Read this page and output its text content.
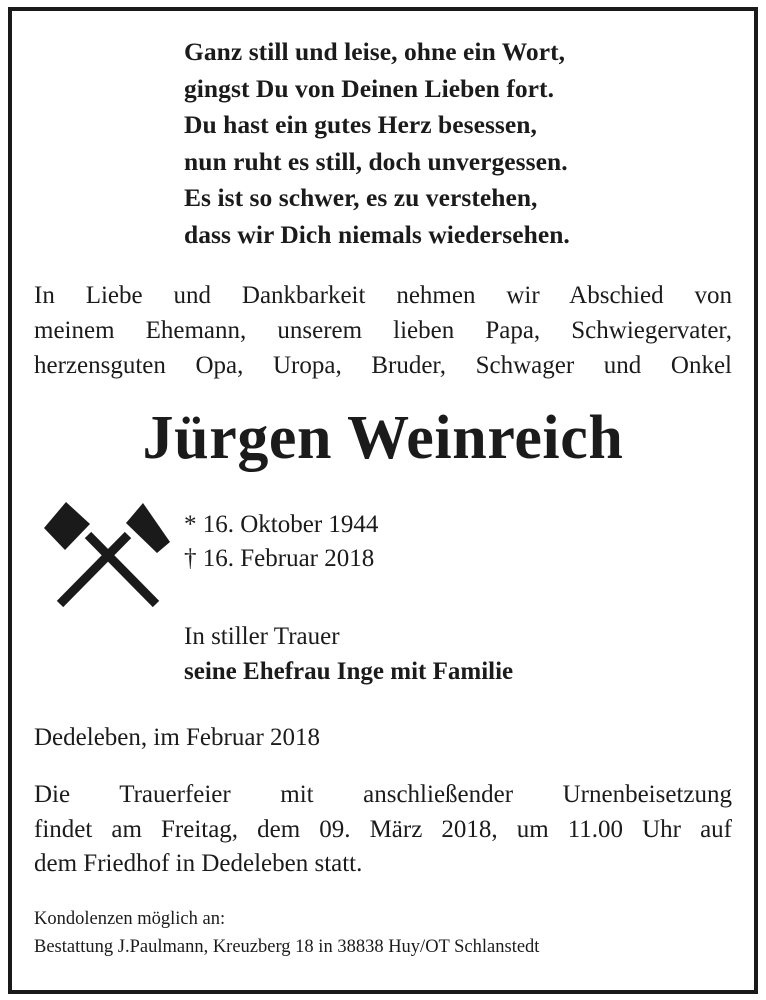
Ganz still und leise, ohne ein Wort,
gingst Du von Deinen Lieben fort.
Du hast ein gutes Herz besessen,
nun ruht es still, doch unvergessen.
Es ist so schwer, es zu verstehen,
dass wir Dich niemals wiedersehen.
In Liebe und Dankbarkeit nehmen wir Abschied von
meinem Ehemann, unserem lieben Papa, Schwiegervater,
herzensguten Opa, Uropa, Bruder, Schwager und Onkel
Jürgen Weinreich
* 16. Oktober 1944
† 16. Februar 2018
In stiller Trauer
seine Ehefrau Inge mit Familie
Dedeleben, im Februar 2018
Die Trauerfeier mit anschließender Urnenbeisetzung
findet am Freitag, dem 09. März 2018, um 11.00 Uhr auf
dem Friedhof in Dedeleben statt.
Kondolenzen möglich an:
Bestattung J.Paulmann, Kreuzberg 18 in 38838 Huy/OT Schlanstedt
